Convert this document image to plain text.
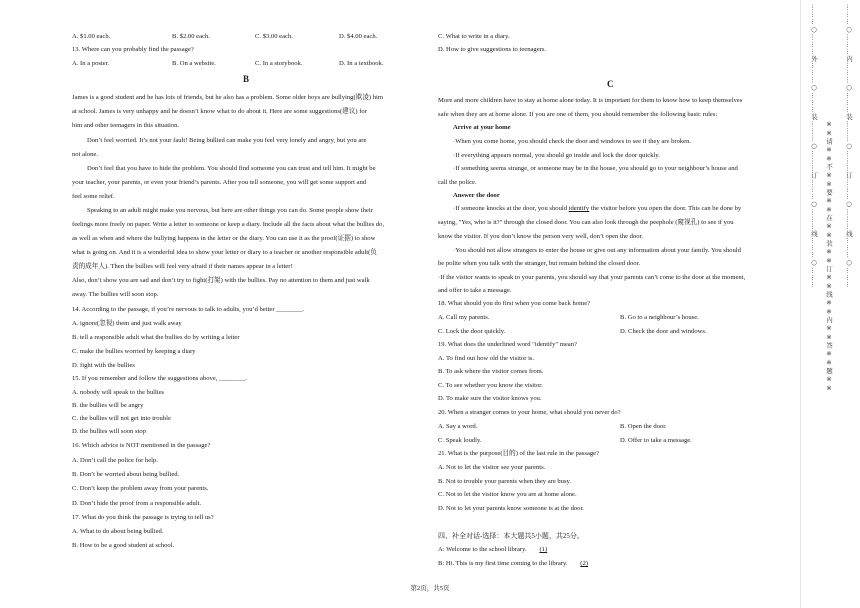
A. $1.00 each.	B. $2.00 each.	C. $3.00 each.	D. $4.00 each.
13. Where can you probably find the passage?
A. In a poster.	B. On a website.	C. In a storybook.	D. In a textbook.
B
James is a good student and he has lots of friends, but he also has a problem. Some older boys are bullying(欺凌) him
at school. James is very unhappy and he doesn’t know what to do about it. Here are some suggestions(建议) for
him and other teenagers in this situation.
Don’t feel worried. It’s not your fault! Being bullied can make you feel very lonely and angry, but you are
not alone.
Don’t feel that you have to hide the problem. You should find someone you can trust and tell him. It might be
your teacher, your parents, or even your friend’s parents. After you tell someone, you will get some support and
feel some relief.
Speaking to an adult might make you nervous, but here are other things you can do. Some people show their
feelings more freely on paper. Write a letter to someone or keep a diary. Include all the facts about what the bullies do,
as well as when and where the bullying happens in the letter or the diary. You can use it as the proof(证据) to show
what is going on. And it is a wonderful idea to show your letter or diary to a teacher or another responsible adult(负
责的成年人). Then the bullies will feel very afraid if their names appear in a letter!
Also, don’t show you are sad and don’t try to fight(打架) with the bullies. Pay no attention to them and just walk
away. The bullies will soon stop.
14. According to the passage, if you’re nervous to talk to adults, you’d better ________.
A. ignore(忽视) them and just walk away
B. tell a responsible adult what the bullies do by writing a letter
C. make the bullies worried by keeping a diary
D. fight with the bullies
15. If you remember and follow the suggestions above, ________.
A. nobody will speak to the bullies
B. the bullies will be angry
C. the bullies will not get into trouble
D. the bullies will soon stop
16. Which advice is NOT mentioned in the passage?
A. Don’t call the police for help.
B. Don’t be worried about being bullied.
C. Don’t keep the problem away from your parents.
D. Don’t hide the proof from a responsible adult.
17. What do you think the passage is trying to tell us?
A. What to do about being bullied.
B. How to be a good student at school.
C. What to write in a diary.
D. How to give suggestions to teenagers.
C
More and more children have to stay at home alone today. It is important for them to know how to keep themselves
safe when they are at home alone. If you are one of them, you should remember the following basic rules:
Arrive at your home
·When you come home, you should check the door and windows to see if they are broken.
·If everything appears normal, you should go inside and lock the door quickly.
·If something seems strange, or someone may be in the house, you should go to your neighbour’s house and
call the police.
Answer the door
·If someone knocks at the door, you should identify the visitor before you open the door. This can be done by
saying, "Yes, who is it?" through the closed door. You can also look through the peephole (窥视孔) to see if you
know the visitor. If you don’t know the person very well, don’t open the door.
·You should not allow strangers to enter the house or give out any information about your family. You should
be polite when you talk with the stranger, but remain behind the closed door.
·If the visitor wants to speak to your parents, you should say that your parents can’t come to the door at the moment,
and offer to take a message.
18. What should you do first when you come back home?
A. Call my parents.	B. Go to a neighbour’s house.
C. Lock the door quickly.	D. Check the door and windows.
19. What does the underlined word "identify" mean?
A. To find out how old the visitor is.
B. To ask where the visitor comes from.
C. To see whether you know the visitor.
D. To make sure the visitor knows you.
20. When a stranger comes to your home, what should you never do?
A. Say a word.	B. Open the door.
C. Speak loudly.	D. Offer to take a message.
21. What is the purpose(目的) of the last rule in the passage?
A. Not to let the visitor see your parents.
B. Not to trouble your parents when they are busy.
C. Not to let the visitor know you are at home alone.
D. Not to let your parents know someone is at the door.
四、补全对话-选择：本大题共5小题，共25分。
A: Welcome to the school library. (1)
B: Hi. This is my first time coming to the library. (2)
第2页，共5页
………○………外………○………装………○………订………○………线………○……… ※※请※※不※※要※※在※※装※※订※※线※※内※※答※※题※※ ………○………内………○………装………○………订………○………线………○………
